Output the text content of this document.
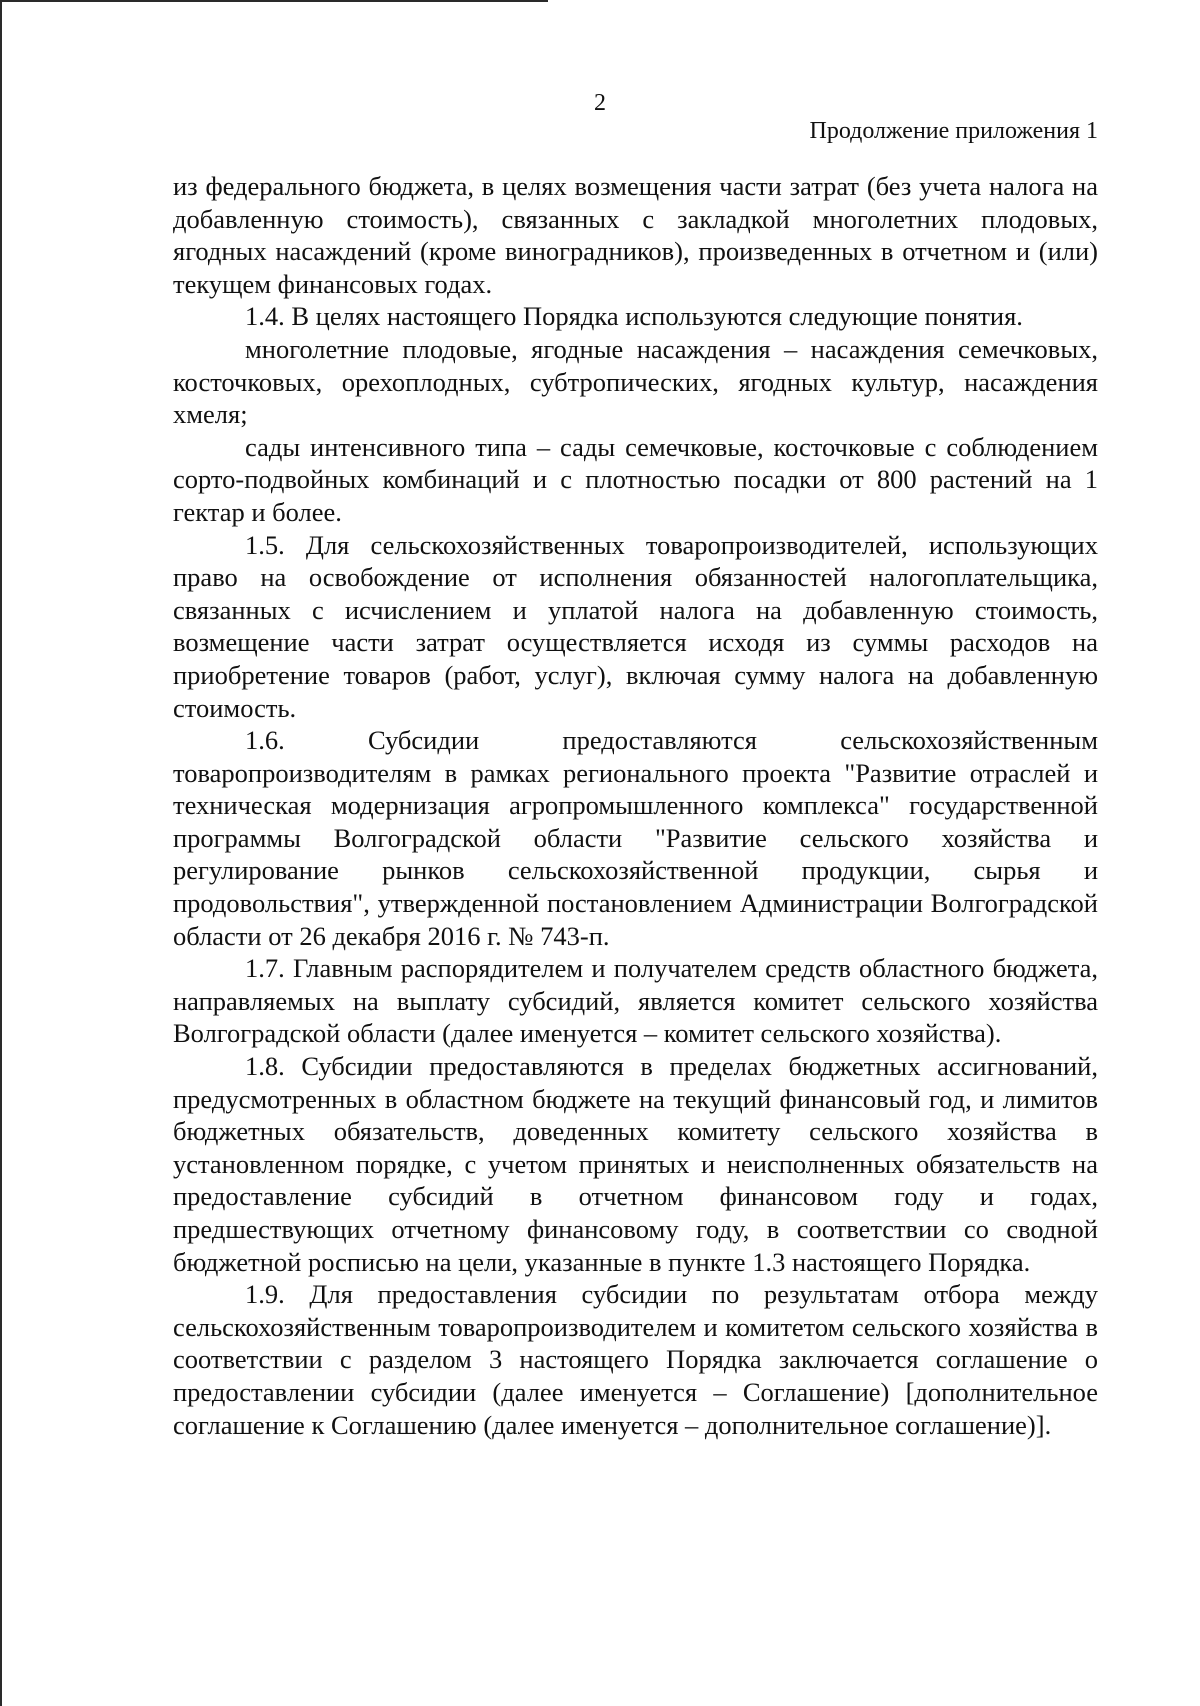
2
Продолжение приложения 1

из федерального бюджета, в целях возмещения части затрат (без учета налога на добавленную стоимость), связанных с закладкой многолетних плодовых, ягодных насаждений (кроме виноградников), произведенных в отчетном и (или) текущем финансовых годах.

1.4. В целях настоящего Порядка используются следующие понятия.

многолетние плодовые, ягодные насаждения – насаждения семечковых, косточковых, орехоплодных, субтропических, ягодных культур, насаждения хмеля;

сады интенсивного типа – сады семечковые, косточковые с соблюдением сорто-подвойных комбинаций и с плотностью посадки от 800 растений на 1 гектар и более.

1.5. Для сельскохозяйственных товаропроизводителей, использующих право на освобождение от исполнения обязанностей налогоплательщика, связанных с исчислением и уплатой налога на добавленную стоимость, возмещение части затрат осуществляется исходя из суммы расходов на приобретение товаров (работ, услуг), включая сумму налога на добавленную стоимость.

1.6. Субсидии предоставляются сельскохозяйственным товаропроизводителям в рамках регионального проекта "Развитие отраслей и техническая модернизация агропромышленного комплекса" государственной программы Волгоградской области "Развитие сельского хозяйства и регулирование рынков сельскохозяйственной продукции, сырья и продовольствия", утвержденной постановлением Администрации Волгоградской области от 26 декабря 2016 г. № 743-п.

1.7. Главным распорядителем и получателем средств областного бюджета, направляемых на выплату субсидий, является комитет сельского хозяйства Волгоградской области (далее именуется – комитет сельского хозяйства).

1.8. Субсидии предоставляются в пределах бюджетных ассигнований, предусмотренных в областном бюджете на текущий финансовый год, и лимитов бюджетных обязательств, доведенных комитету сельского хозяйства в установленном порядке, с учетом принятых и неисполненных обязательств на предоставление субсидий в отчетном финансовом году и годах, предшествующих отчетному финансовому году, в соответствии со сводной бюджетной росписью на цели, указанные в пункте 1.3 настоящего Порядка.

1.9. Для предоставления субсидии по результатам отбора между сельскохозяйственным товаропроизводителем и комитетом сельского хозяйства в соответствии с разделом 3 настоящего Порядка заключается соглашение о предоставлении субсидии (далее именуется – Соглашение) [дополнительное соглашение к Соглашению (далее именуется – дополнительное соглашение)].
